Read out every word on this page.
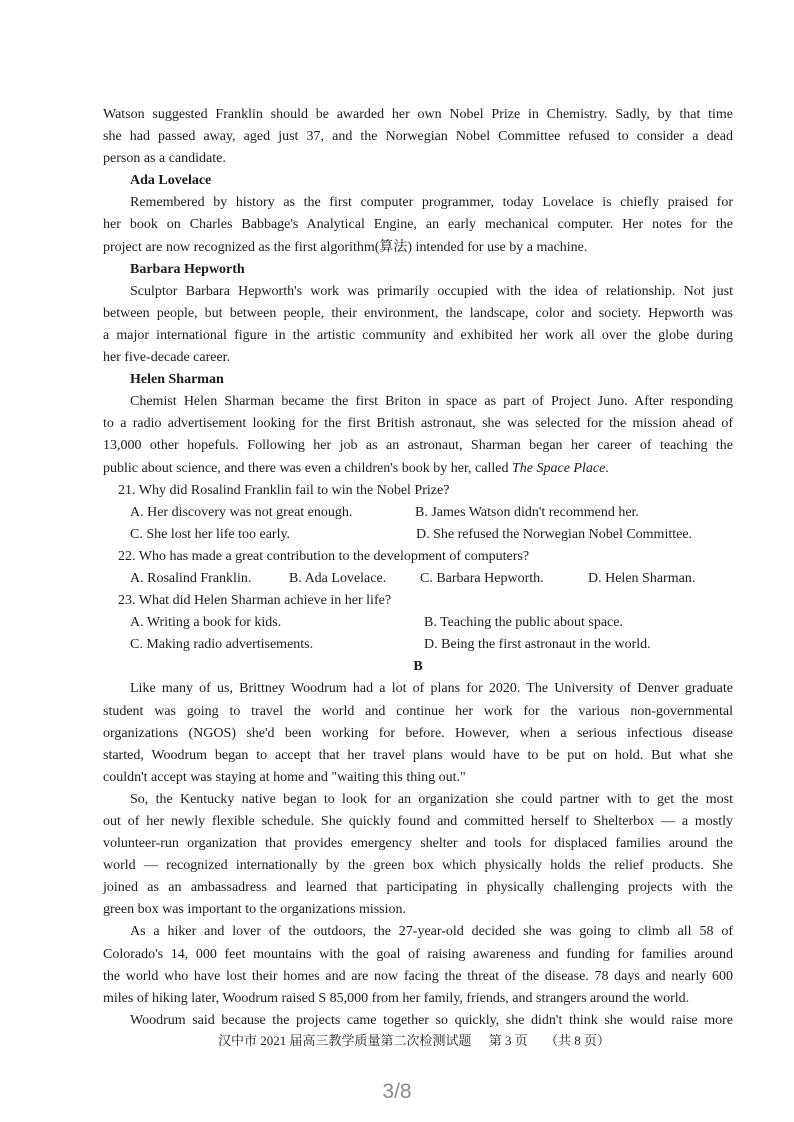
Watson suggested Franklin should be awarded her own Nobel Prize in Chemistry. Sadly, by that time
she had passed away, aged just 37, and the Norwegian Nobel Committee refused to consider a dead
person as a candidate.
Ada Lovelace
Remembered by history as the first computer programmer, today Lovelace is chiefly praised for
her book on Charles Babbage's Analytical Engine, an early mechanical computer. Her notes for the
project are now recognized as the first algorithm(算法) intended for use by a machine.
Barbara Hepworth
Sculptor Barbara Hepworth's work was primarily occupied with the idea of relationship. Not just
between people, but between people, their environment, the landscape, color and society. Hepworth was
a major international figure in the artistic community and exhibited her work all over the globe during
her five-decade career.
Helen Sharman
Chemist Helen Sharman became the first Briton in space as part of Project Juno. After responding
to a radio advertisement looking for the first British astronaut, she was selected for the mission ahead of
13,000 other hopefuls. Following her job as an astronaut, Sharman began her career of teaching the
public about science, and there was even a children's book by her, called The Space Place.
21. Why did Rosalind Franklin fail to win the Nobel Prize?
A. Her discovery was not great enough.	B. James Watson didn't recommend her.
C. She lost her life too early.	D. She refused the Norwegian Nobel Committee.
22. Who has made a great contribution to the development of computers?
A. Rosalind Franklin.	B. Ada Lovelace. C. Barbara Hepworth.	D. Helen Sharman.
23. What did Helen Sharman achieve in her life?
A. Writing a book for kids.	B. Teaching the public about space.
C. Making radio advertisements.	D. Being the first astronaut in the world.
B
Like many of us, Brittney Woodrum had a lot of plans for 2020. The University of Denver graduate
student was going to travel the world and continue her work for the various non-governmental
organizations (NGOS) she'd been working for before. However, when a serious infectious disease
started, Woodrum began to accept that her travel plans would have to be put on hold. But what she
couldn't accept was staying at home and "waiting this thing out."
So, the Kentucky native began to look for an organization she could partner with to get the most
out of her newly flexible schedule. She quickly found and committed herself to Shelterbox — a mostly
volunteer-run organization that provides emergency shelter and tools for displaced families around the
world — recognized internationally by the green box which physically holds the relief products. She
joined as an ambassadress and learned that participating in physically challenging projects with the
green box was important to the organizations mission.
As a hiker and lover of the outdoors, the 27-year-old decided she was going to climb all 58 of
Colorado's 14, 000 feet mountains with the goal of raising awareness and funding for families around
the world who have lost their homes and are now facing the threat of the disease. 78 days and nearly 600
miles of hiking later, Woodrum raised S 85,000 from her family, friends, and strangers around the world.
Woodrum said because the projects came together so quickly, she didn't think she would raise more
汉中市 2021 届高三教学质量第二次检测试题 第 3 页 （共 8 页）
3/8
